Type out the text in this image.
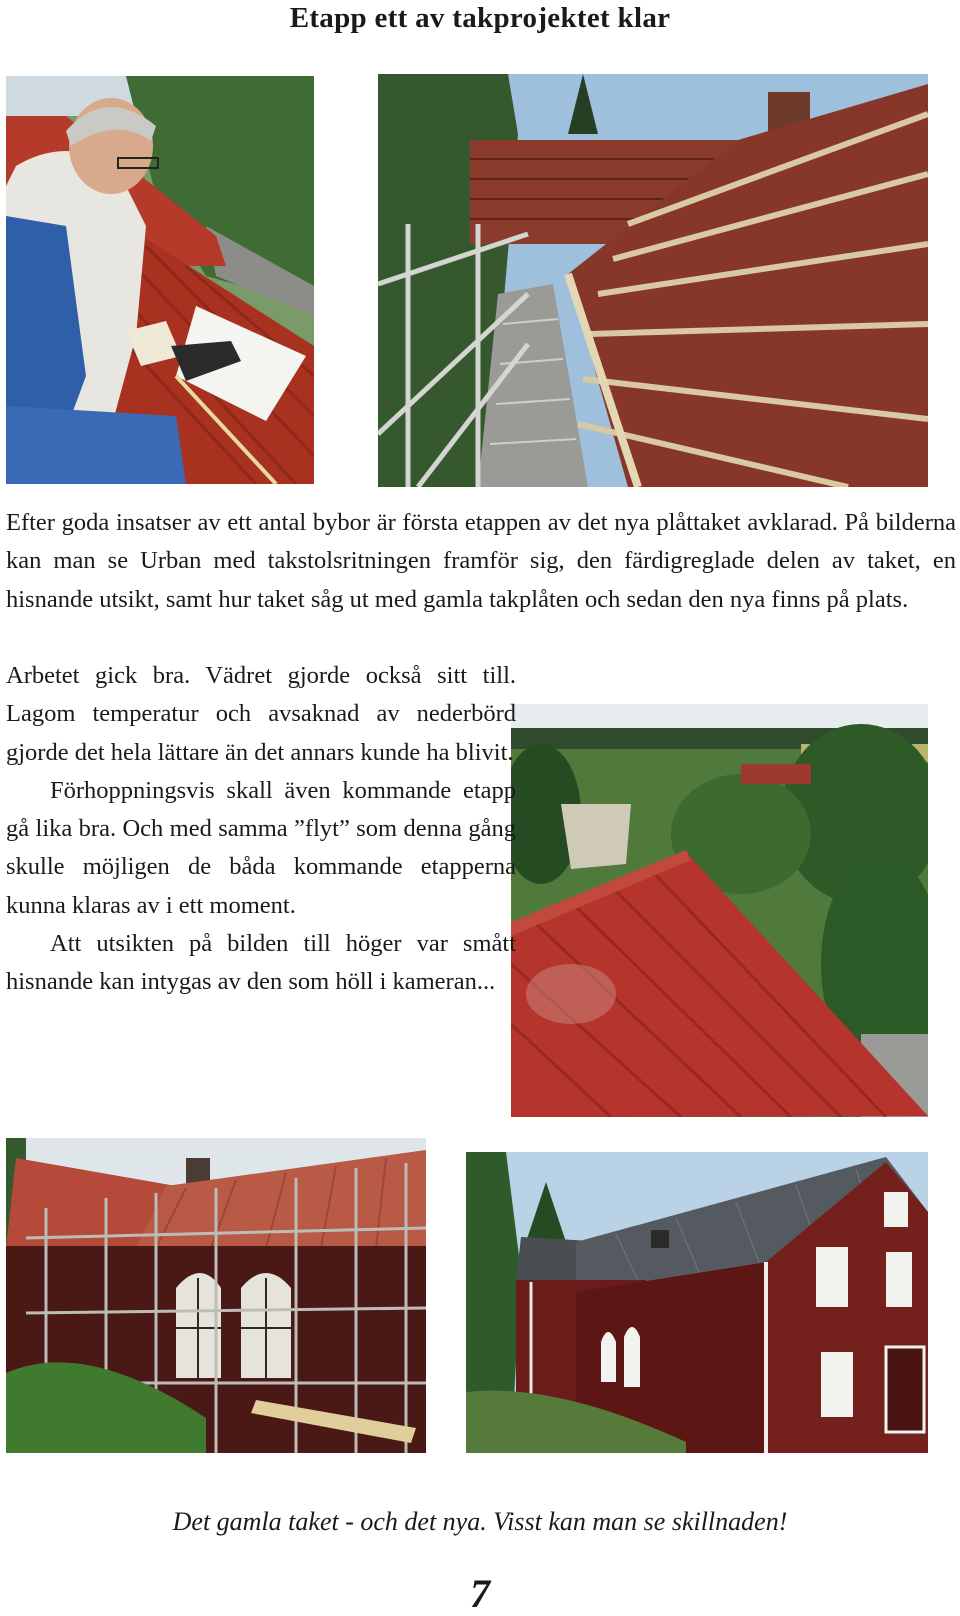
Etapp ett av takprojektet klar

Efter goda insatser av ett antal bybor är första etappen av det nya plåttaket avklarad. På bilderna kan man se Urban med takstolsritningen framför sig, den färdigreglade delen av taket, en hisnande utsikt, samt hur taket såg ut med gamla takplåten och sedan den nya finns på plats.

Arbetet gick bra. Vädret gjorde också sitt till. Lagom temperatur och avsaknad av nederbörd gjorde det hela lättare än det annars kunde ha blivit.
Förhoppningsvis skall även kommande etapp gå lika bra. Och med samma ”flyt” som denna gång skulle möjligen de båda kommande etapperna kunna klaras av i ett moment.
Att utsikten på bilden till höger var smått hisnande kan intygas av den som höll i kameran...
Det gamla taket - och det nya. Visst kan man se skillnaden!
7
